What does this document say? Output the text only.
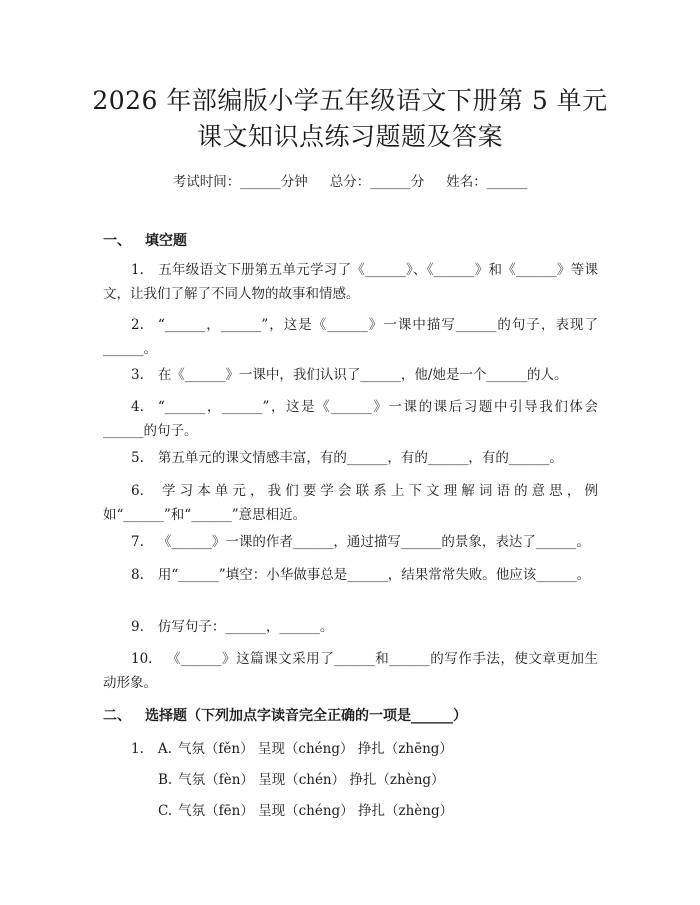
2026 年部编版小学五年级语文下册第 5 单元
课文知识点练习题题及答案
考试时间：______分钟 总分：______分 姓名：______
一、 填空题
1. 五年级语文下册第五单元学习了《______》、《______》和《______》等课文，让我们了解了不同人物的故事和情感。
2. “______，______”，这是《______》一课中描写______的句子，表现了______。
3. 在《______》一课中，我们认识了______，他/她是一个______的人。
4. “______，______”，这是《______》一课的课后习题中引导我们体会______的句子。
5. 第五单元的课文情感丰富，有的______，有的______，有的______。
6. 学习本单元，我们要学会联系上下文理解词语的意思，例如“______”和“______”意思相近。
7. 《______》一课的作者______，通过描写______的景象，表达了______。
8. 用“______”填空：小华做事总是______，结果常常失败。他应该______。
9. 仿写句子：______，______。
10. 《______》这篇课文采用了______和______的写作手法，使文章更加生动形象。
二、 选择题（下列加点字读音完全正确的一项是______）
1. A. 气氛（fěn） 呈现（chéng） 挣扎（zhēng）
B. 气氛（fèn） 呈现（chén） 挣扎（zhèng）
C. 气氛（fēn） 呈现（chéng） 挣扎（zhèng）
